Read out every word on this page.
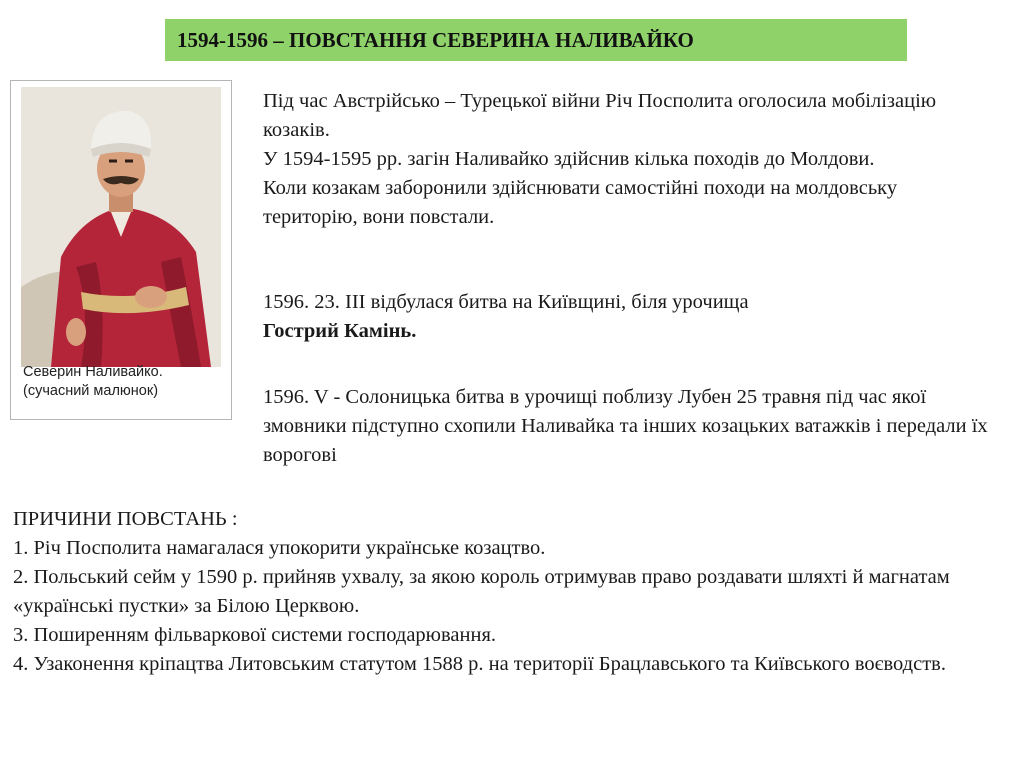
1594-1596 – ПОВСТАННЯ СЕВЕРИНА НАЛИВАЙКО
Северин Наливайко.
(сучасний малюнок)

Під час Австрійсько – Турецької війни Річ Посполита оголосила мобілізацію козаків.

У 1594-1595 рр. загін Наливайко здійснив кілька походів до Молдови.

Коли козакам заборонили здійснювати самостійні походи на молдовську територію, вони повстали.

1596. 23. ІІІ відбулася битва на Київщині, біля урочища
Гострий Камінь.

1596. V - Солоницька битва в урочищі поблизу Лубен 25 травня під час якої змовники підступно схопили Наливайка та інших козацьких ватажків і передали їх ворогові

ПРИЧИНИ ПОВСТАНЬ :
1. Річ Посполита намагалася упокорити українське козацтво.
2. Польський сейм у 1590 р. прийняв ухвалу, за якою король отримував право роздавати шляхті й магнатам «українські пустки» за Білою Церквою.
3. Поширенням фільваркової системи господарювання.
4. Узаконення кріпацтва Литовським статутом 1588 р. на території Брацлавського та Київського воєводств.
